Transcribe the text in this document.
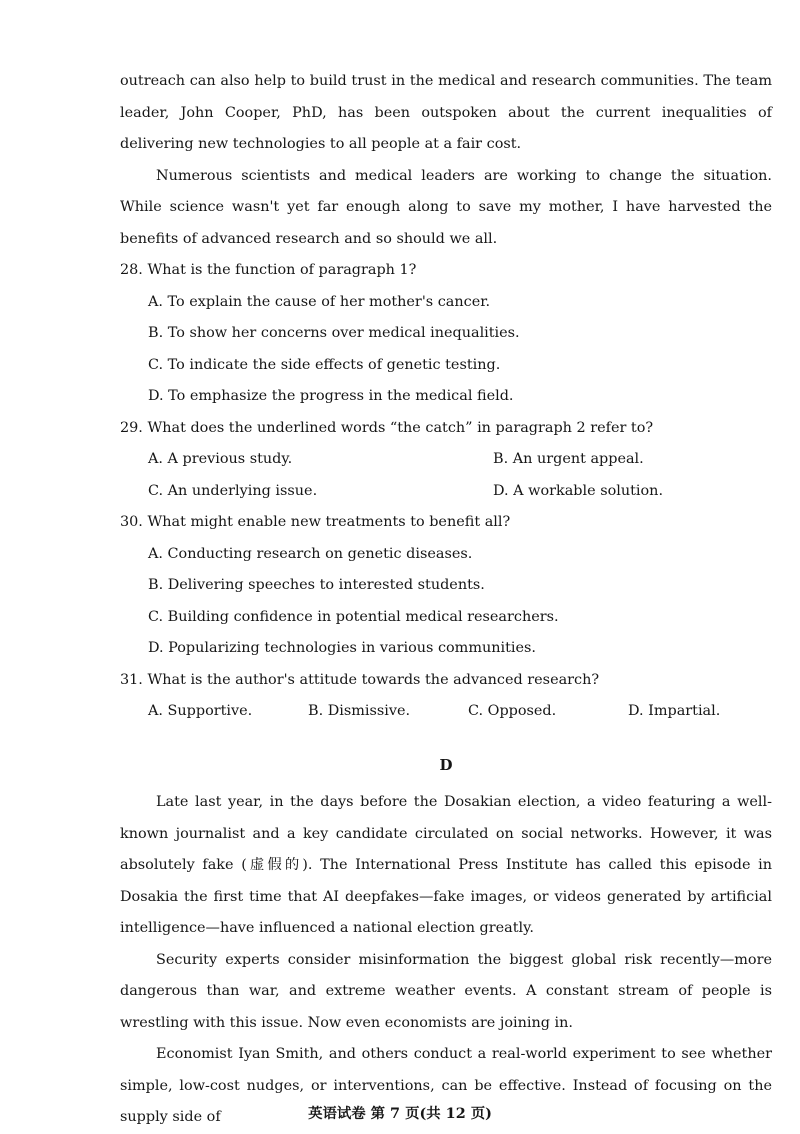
outreach can also help to build trust in the medical and research communities. The team leader, John Cooper, PhD, has been outspoken about the current inequalities of delivering new technologies to all people at a fair cost.

Numerous scientists and medical leaders are working to change the situation. While science wasn't yet far enough along to save my mother, I have harvested the benefits of advanced research and so should we all.

28. What is the function of paragraph 1?
A. To explain the cause of her mother's cancer.
B. To show her concerns over medical inequalities.
C. To indicate the side effects of genetic testing.
D. To emphasize the progress in the medical field.
29. What does the underlined words “the catch” in paragraph 2 refer to?
A. A previous study.	B. An urgent appeal.
C. An underlying issue.	D. A workable solution.
30. What might enable new treatments to benefit all?
A. Conducting research on genetic diseases.
B. Delivering speeches to interested students.
C. Building confidence in potential medical researchers.
D. Popularizing technologies in various communities.
31. What is the author's attitude towards the advanced research?
A. Supportive.	B. Dismissive.	C. Opposed.	D. Impartial.
D

Late last year, in the days before the Dosakian election, a video featuring a well-known journalist and a key candidate circulated on social networks. However, it was absolutely fake (虚假的). The International Press Institute has called this episode in Dosakia the first time that AI deepfakes—fake images, or videos generated by artificial intelligence—have influenced a national election greatly.

Security experts consider misinformation the biggest global risk recently—more dangerous than war, and extreme weather events. A constant stream of people is wrestling with this issue. Now even economists are joining in.

Economist Iyan Smith, and others conduct a real-world experiment to see whether simple, low-cost nudges, or interventions, can be effective. Instead of focusing on the supply side of	英语试卷 第 7 页(共 12 页)
